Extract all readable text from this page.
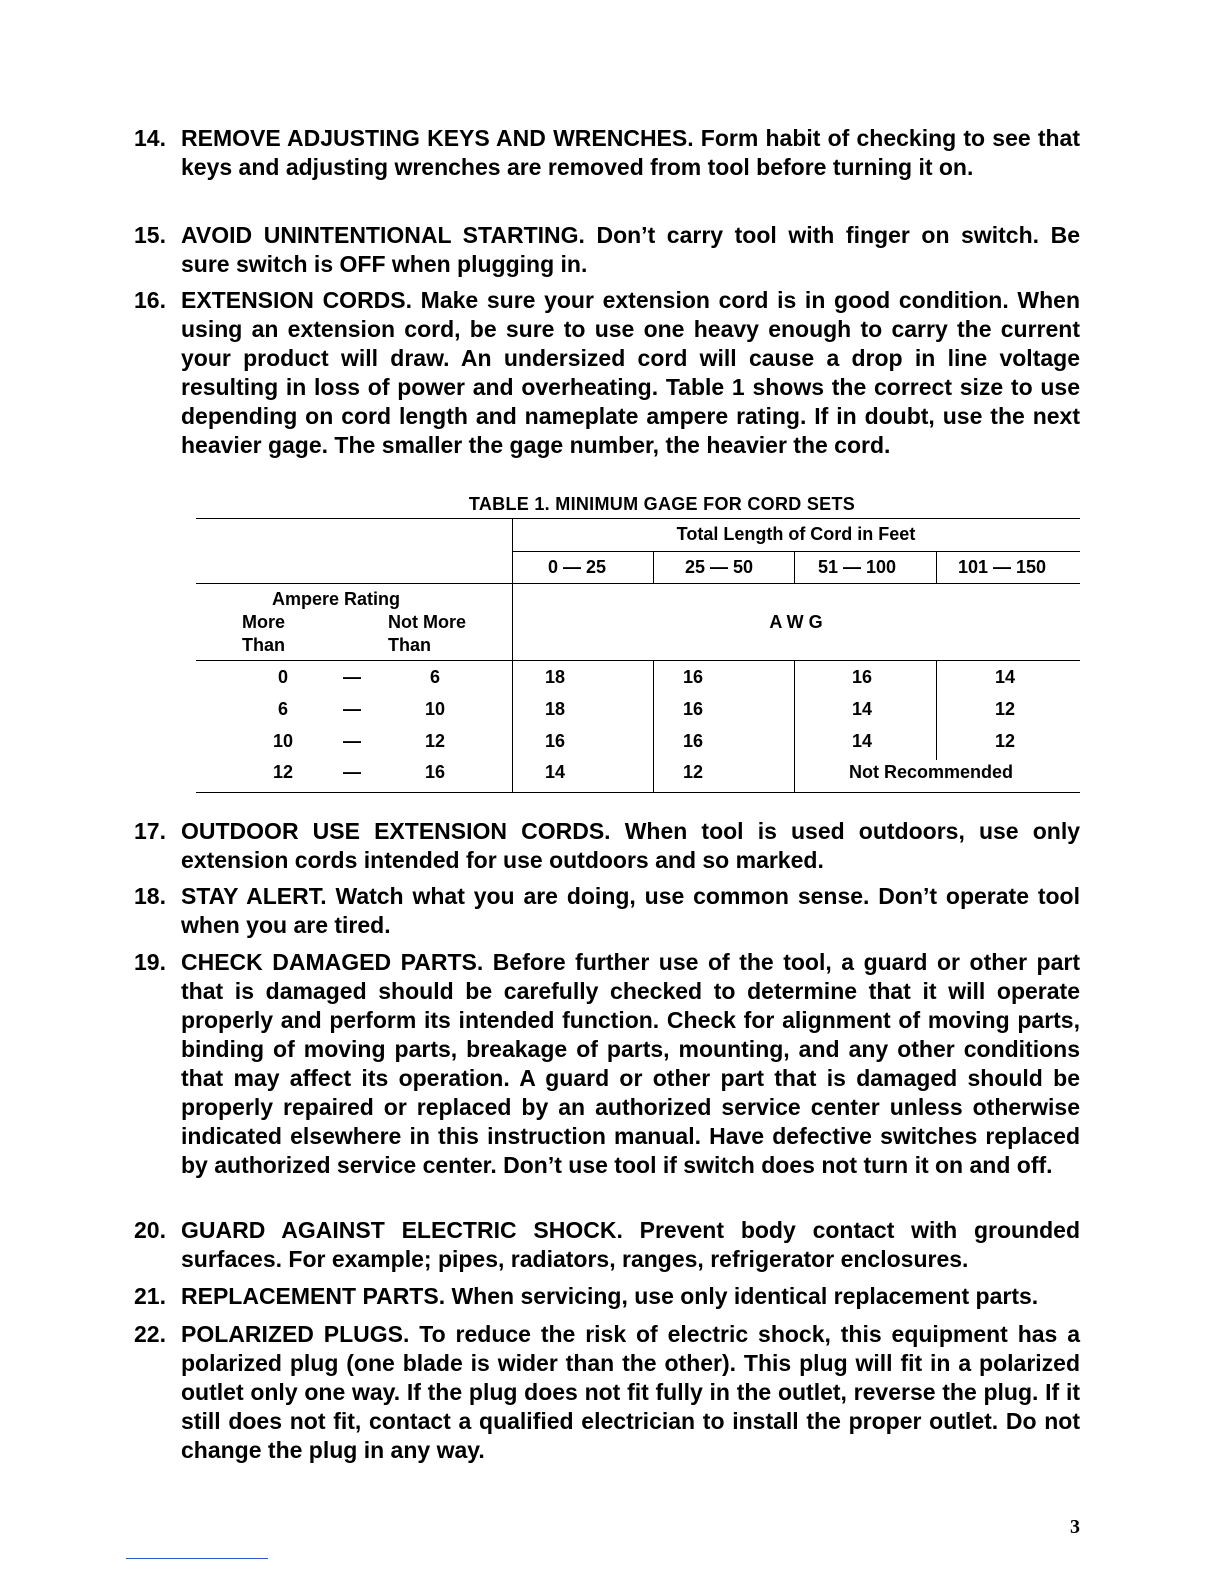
14. REMOVE ADJUSTING KEYS AND WRENCHES. Form habit of checking to see that keys and adjusting wrenches are removed from tool before turning it on.
15. AVOID UNINTENTIONAL STARTING. Don’t carry tool with finger on switch. Be sure switch is OFF when plugging in.
16. EXTENSION CORDS. Make sure your extension cord is in good condition. When using an extension cord, be sure to use one heavy enough to carry the current your product will draw. An undersized cord will cause a drop in line voltage resulting in loss of power and overheating. Table 1 shows the correct size to use depending on cord length and nameplate ampere rating. If in doubt, use the next heavier gage. The smaller the gage number, the heavier the cord.
TABLE 1. MINIMUM GAGE FOR CORD SETS
Total Length of Cord in Feet
0 — 25	25 — 50	51 — 100	101 — 150
Ampere Rating
More Than
Not More Than
A W G
0	—	6	18	16	16	14
6	—	10	18	16	14	12
10	—	12	16	16	14	12
12	—	16	14	12	Not Recommended
17. OUTDOOR USE EXTENSION CORDS. When tool is used outdoors, use only extension cords intended for use outdoors and so marked.
18. STAY ALERT. Watch what you are doing, use common sense. Don’t operate tool when you are tired.
19. CHECK DAMAGED PARTS. Before further use of the tool, a guard or other part that is damaged should be carefully checked to determine that it will operate properly and perform its intended function. Check for alignment of moving parts, binding of moving parts, breakage of parts, mounting, and any other conditions that may affect its operation. A guard or other part that is damaged should be properly repaired or replaced by an authorized service center unless otherwise indicated elsewhere in this instruction manual. Have defective switches replaced by authorized service center. Don’t use tool if switch does not turn it on and off.
20. GUARD AGAINST ELECTRIC SHOCK. Prevent body contact with grounded surfaces. For example; pipes, radiators, ranges, refrigerator enclosures.
21. REPLACEMENT PARTS. When servicing, use only identical replacement parts.
22. POLARIZED PLUGS. To reduce the risk of electric shock, this equipment has a polarized plug (one blade is wider than the other). This plug will fit in a polarized outlet only one way. If the plug does not fit fully in the outlet, reverse the plug. If it still does not fit, contact a qualified electrician to install the proper outlet. Do not change the plug in any way.
3
